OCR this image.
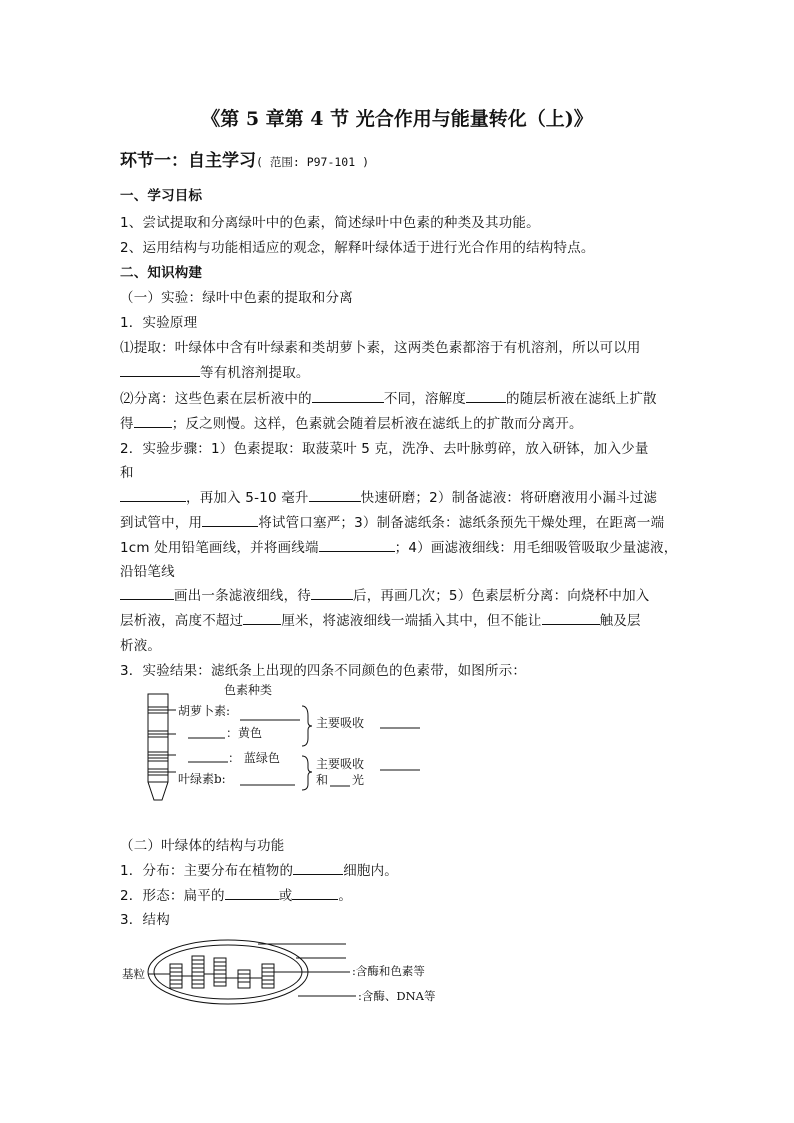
《第 5 章第 4 节 光合作用与能量转化（上)》
环节一：自主学习( 范围: P97-101 )
一、学习目标
1、尝试提取和分离绿叶中的色素，简述绿叶中色素的种类及其功能。
2、运用结构与功能相适应的观念，解释叶绿体适于进行光合作用的结构特点。
二、知识构建
（一）实验：绿叶中色素的提取和分离
1．实验原理
⑴提取：叶绿体中含有叶绿素和类胡萝卜素，这两类色素都溶于有机溶剂，所以可以用
等有机溶剂提取。
⑵分离：这些色素在层析液中的	不同，溶解度	的随层析液在滤纸上扩散
得	；反之则慢。这样，色素就会随着层析液在滤纸上的扩散而分离开。
2．实验步骤：1）色素提取：取菠菜叶 5 克，洗净、去叶脉剪碎，放入研钵，加入少量
和
，再加入 5-10 毫升	快速研磨；2）制备滤液：将研磨液用小漏斗过滤
到试管中，用	将试管口塞严；3）制备滤纸条：滤纸条预先干燥处理，在距离一端
1cm 处用铅笔画线，并将画线端	；4）画滤液细线：用毛细吸管吸取少量滤液，
沿铅笔线
画出一条滤液细线，待	后，再画几次；5）色素层析分离：向烧杯中加入
层析液，高度不超过	厘米，将滤液细线一端插入其中，但不能让	触及层
析液。
3．实验结果：滤纸条上出现的四条不同颜色的色素带，如图所示：
色素种类
胡萝卜素:
：黄色
： 蓝绿色
叶绿素b:
主要吸收
主要吸收
和 光
（二）叶绿体的结构与功能
1．分布：主要分布在植物的	细胞内。
2．形态：扁平的	或	。
3．结构
基粒	:含酶和色素等
:含酶、DNA等
